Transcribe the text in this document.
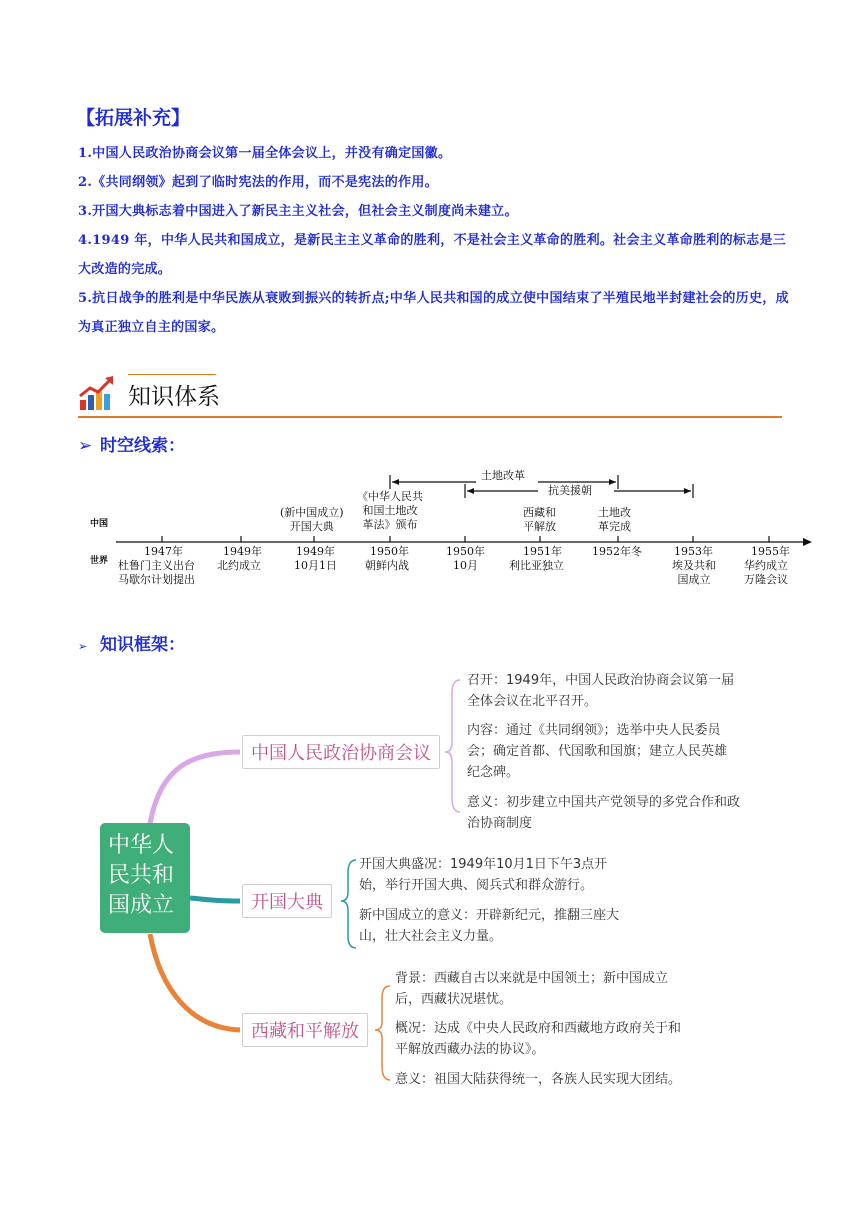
【拓展补充】
1.中国人民政治协商会议第一届全体会议上，并没有确定国徽。
2.《共同纲领》起到了临时宪法的作用，而不是宪法的作用。
3.开国大典标志着中国进入了新民主主义社会，但社会主义制度尚未建立。
4.1949 年，中华人民共和国成立，是新民主主义革命的胜利，不是社会主义革命的胜利。社会主义革命胜利的标志是三大改造的完成。
5.抗日战争的胜利是中华民族从衰败到振兴的转折点;中华人民共和国的成立使中国结束了半殖民地半封建社会的历史，成为真正独立自主的国家。
知识体系
➢ 时空线索：
➢ 知识框架：
中国
世界
土地改革
抗美援朝
(新中国成立)
开国大典
《中华人民共
和国土地改
革法》颁布
西藏和
平解放
土地改
革完成
1947年	1949年	1949年
10月1日
1950年	1950年
10月
1951年	1952年冬	1953年	1955年
杜鲁门主义出台
马歇尔计划提出
北约成立	朝鲜内战	利比亚独立	埃及共和
国成立
华约成立
万隆会议
中华人
民共和
国成立
中国人民政治协商会议
开国大典
西藏和平解放
召开：1949年，中国人民政治协商会议第一届
全体会议在北平召开。
内容：通过《共同纲领》；选举中央人民委员
会；确定首都、代国歌和国旗；建立人民英雄
纪念碑。
意义：初步建立中国共产党领导的多党合作和政
治协商制度
开国大典盛况：1949年10月1日下午3点开
始，举行开国大典、阅兵式和群众游行。
新中国成立的意义：开辟新纪元，推翻三座大
山，壮大社会主义力量。
背景：西藏自古以来就是中国领土；新中国成立
后，西藏状况堪忧。
概况：达成《中央人民政府和西藏地方政府关于和
平解放西藏办法的协议》。
意义：祖国大陆获得统一，各族人民实现大团结。
